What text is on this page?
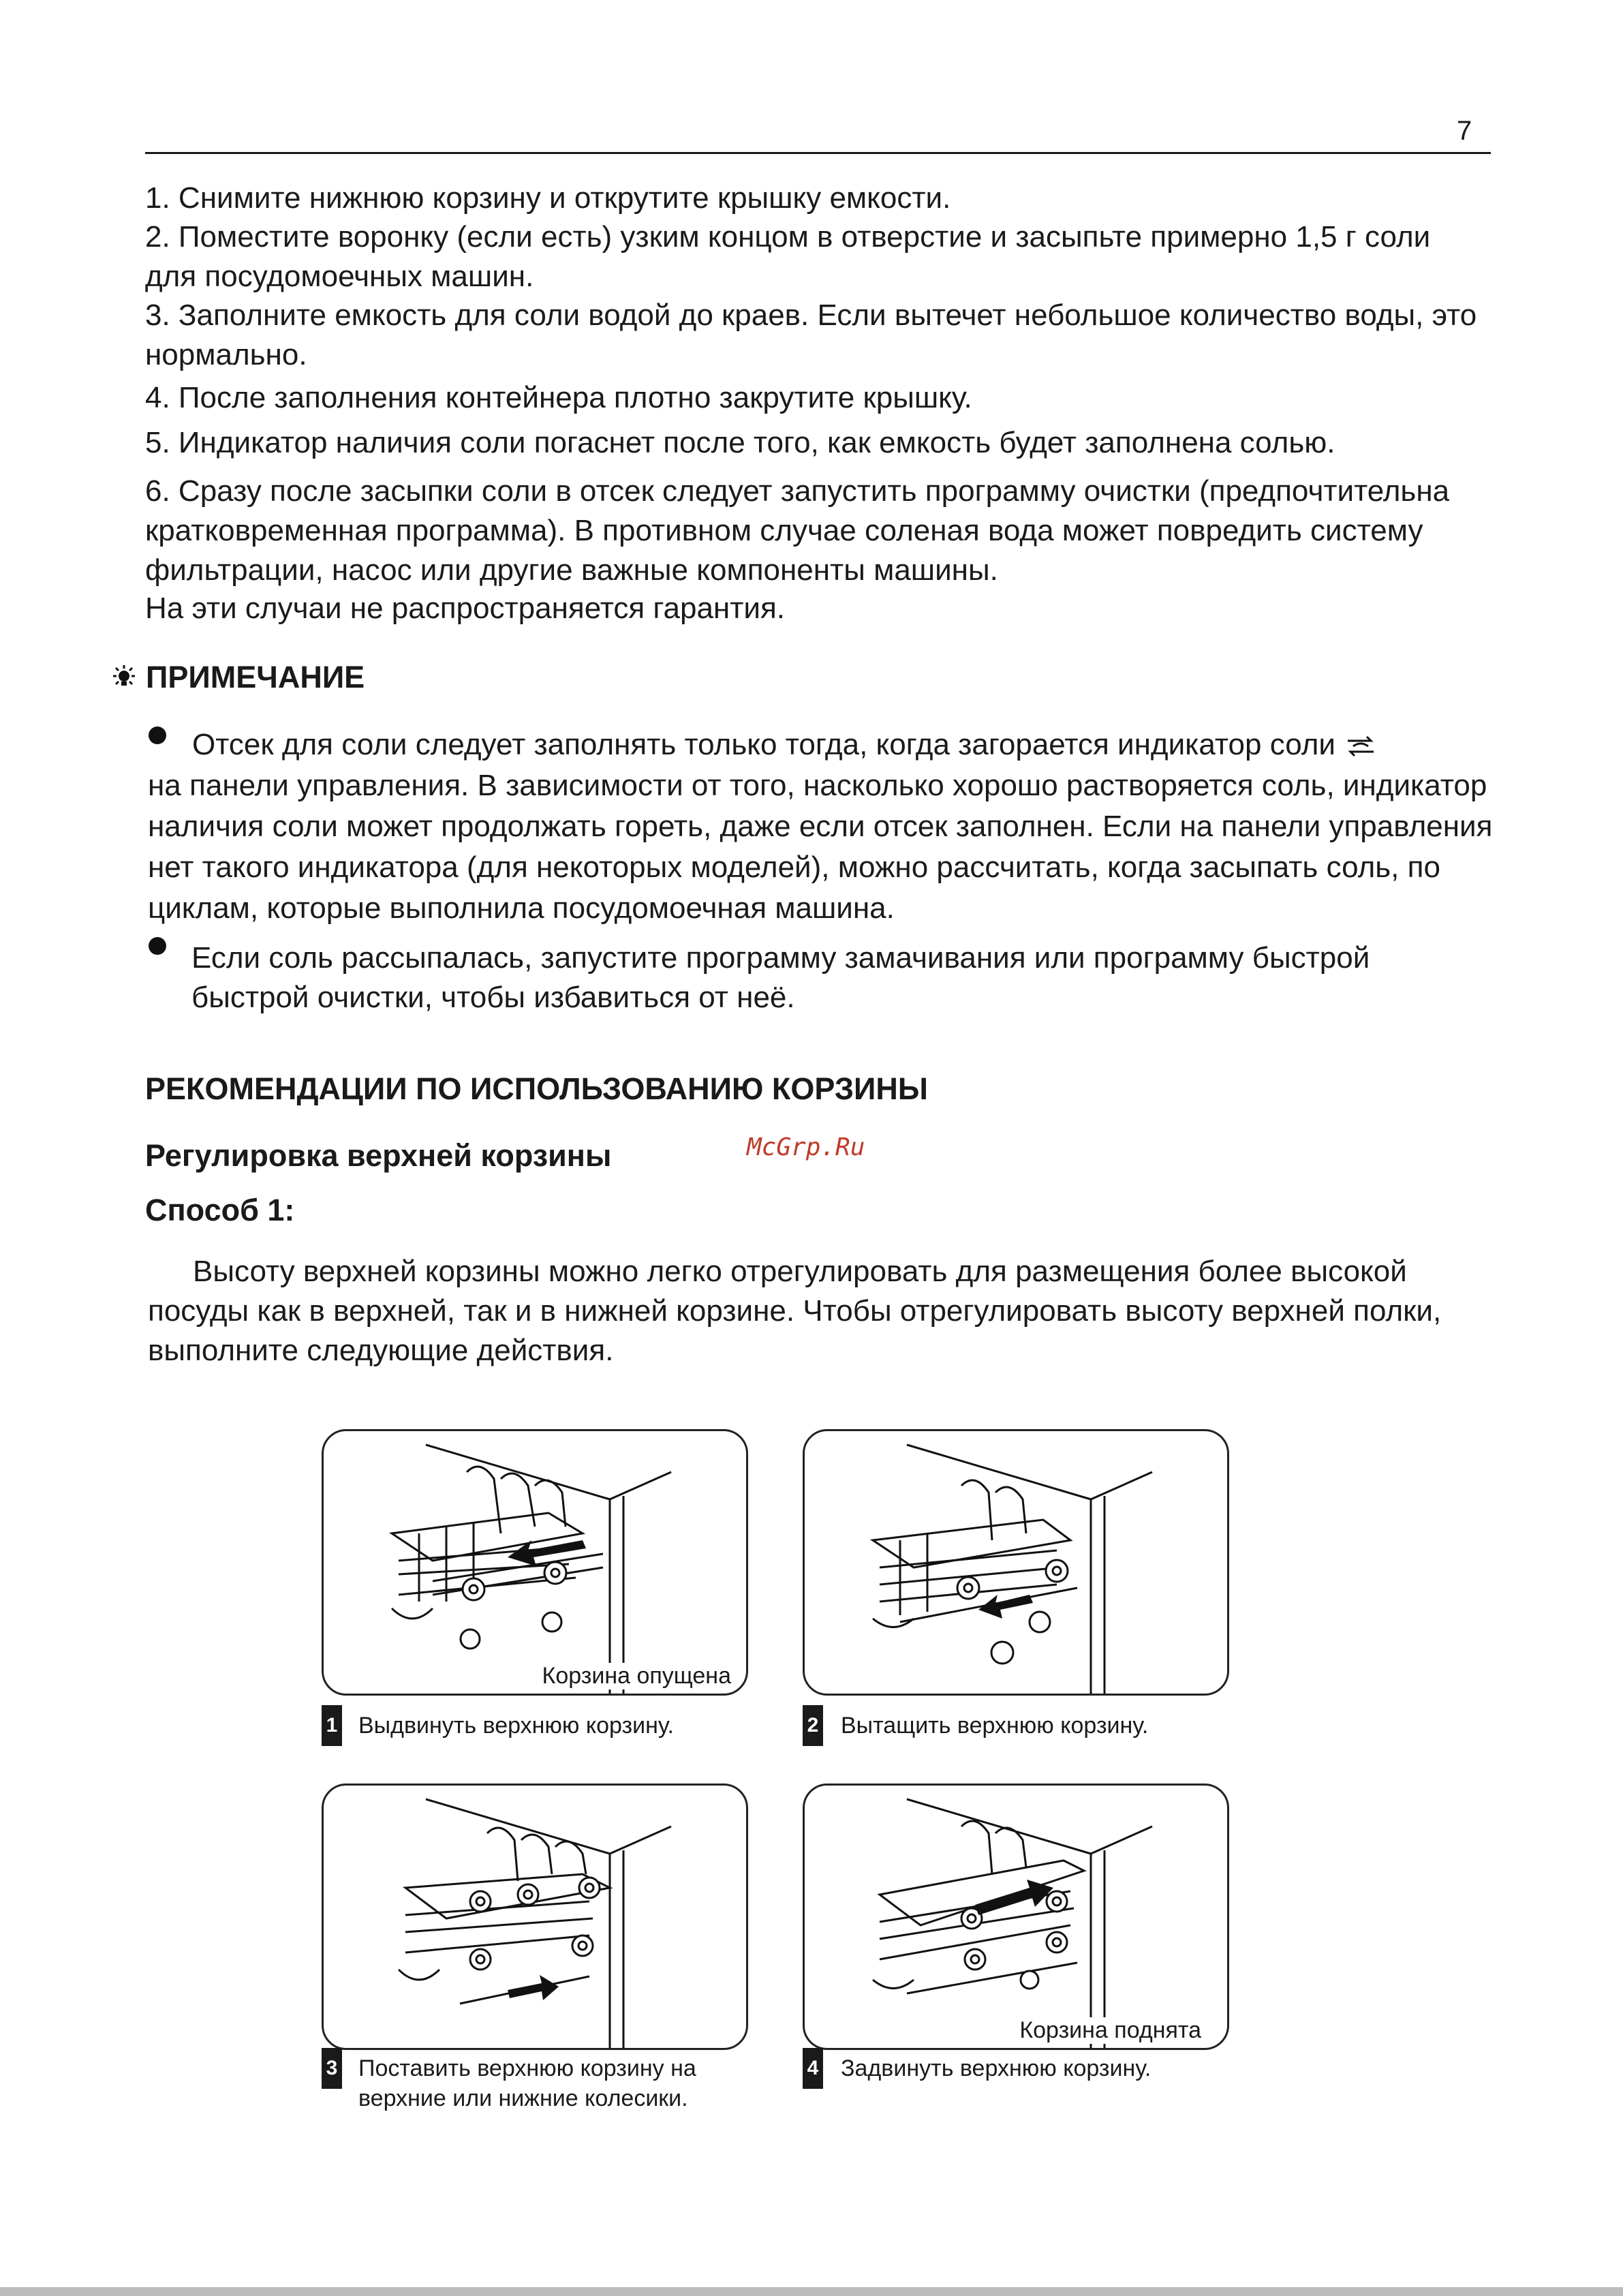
7
1. Снимите нижнюю корзину и открутите крышку емкости.
2. Поместите воронку (если есть) узким концом в отверстие и засыпьте примерно 1,5 г соли для посудомоечных машин.
3. Заполните емкость для соли водой до краев. Если вытечет небольшое количество воды, это нормально.
4. После заполнения контейнера плотно закрутите крышку.
5. Индикатор наличия соли погаснет после того, как емкость будет заполнена солью.
6. Сразу после засыпки соли в отсек следует запустить программу очистки (предпочтительна кратковременная программа). В противном случае соленая вода может повредить систему фильтрации, насос или другие важные компоненты машины.
На эти случаи не распространяется гарантия.
ПРИМЕЧАНИЕ
Отсек для соли следует заполнять только тогда, когда загорается индикатор соли
на панели управления. В зависимости от того, насколько хорошо растворяется соль, индикатор наличия соли может продолжать гореть, даже если отсек заполнен. Если на панели управления нет такого индикатора (для некоторых моделей), можно рассчитать, когда засыпать соль, по циклам, которые выполнила посудомоечная машина.
Если соль рассыпалась, запустите программу замачивания или программу быстрой быстрой очистки, чтобы избавиться от неё.
РЕКОМЕНДАЦИИ ПО ИСПОЛЬЗОВАНИЮ КОРЗИНЫ
Регулировка верхней корзины	McGrp.Ru
Способ 1:
Высоту верхней корзины можно легко отрегулировать для размещения более высокой посуды как в верхней, так и в нижней корзине. Чтобы отрегулировать высоту верхней полки, выполните следующие действия.
Корзина опущена
1 Выдвинуть верхнюю корзину.	2 Вытащить верхнюю корзину.
3 Поставить верхнюю корзину на верхние или нижние колесики.
Корзина поднята
4 Задвинуть верхнюю корзину.
